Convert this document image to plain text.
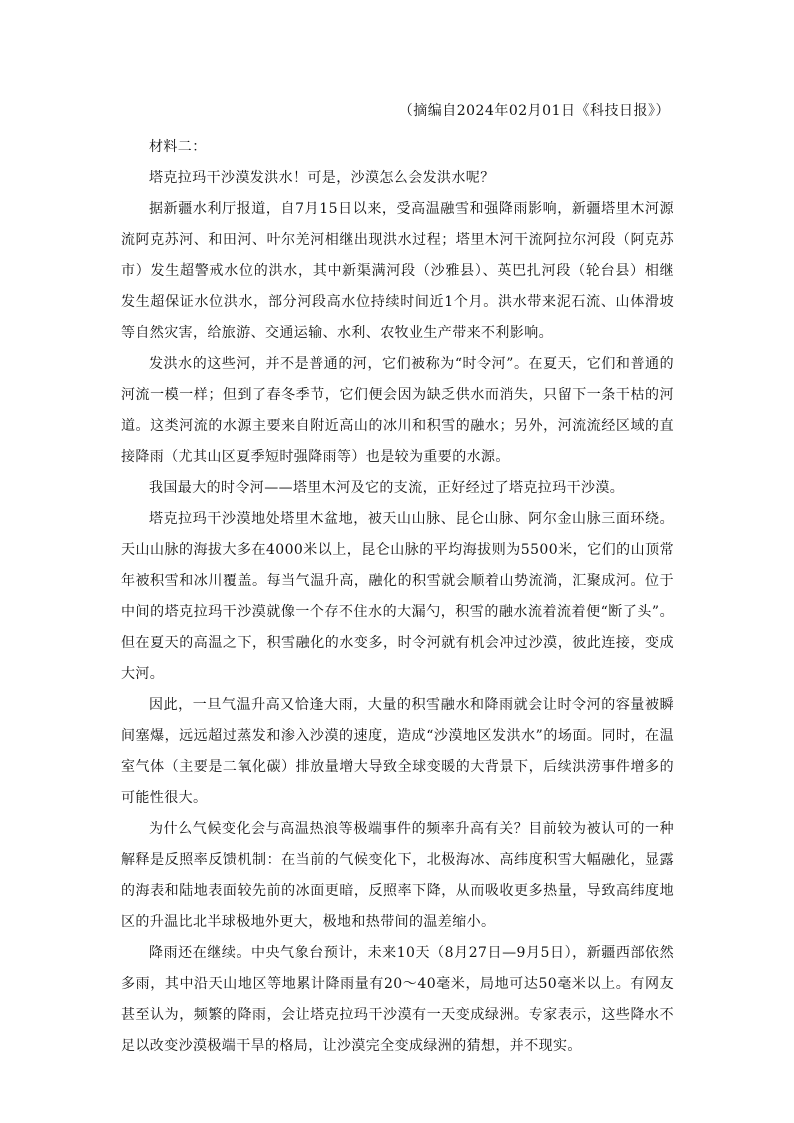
（摘编自2024年02月01日《科技日报》）

材料二：

塔克拉玛干沙漠发洪水！可是，沙漠怎么会发洪水呢？

据新疆水利厅报道，自7月15日以来，受高温融雪和强降雨影响，新疆塔里木河源流阿克苏河、和田河、叶尔羌河相继出现洪水过程；塔里木河干流阿拉尔河段（阿克苏市）发生超警戒水位的洪水，其中新渠满河段（沙雅县）、英巴扎河段（轮台县）相继发生超保证水位洪水，部分河段高水位持续时间近1个月。洪水带来泥石流、山体滑坡等自然灾害，给旅游、交通运输、水利、农牧业生产带来不利影响。

发洪水的这些河，并不是普通的河，它们被称为“时令河”。在夏天，它们和普通的河流一模一样；但到了春冬季节，它们便会因为缺乏供水而消失，只留下一条干枯的河道。这类河流的水源主要来自附近高山的冰川和积雪的融水；另外，河流流经区域的直接降雨（尤其山区夏季短时强降雨等）也是较为重要的水源。

我国最大的时令河——塔里木河及它的支流，正好经过了塔克拉玛干沙漠。

塔克拉玛干沙漠地处塔里木盆地，被天山山脉、昆仑山脉、阿尔金山脉三面环绕。天山山脉的海拔大多在4000米以上，昆仑山脉的平均海拔则为5500米，它们的山顶常年被积雪和冰川覆盖。每当气温升高，融化的积雪就会顺着山势流淌，汇聚成河。位于中间的塔克拉玛干沙漠就像一个存不住水的大漏勺，积雪的融水流着流着便“断了头”。但在夏天的高温之下，积雪融化的水变多，时令河就有机会冲过沙漠，彼此连接，变成大河。

因此，一旦气温升高又恰逢大雨，大量的积雪融水和降雨就会让时令河的容量被瞬间塞爆，远远超过蒸发和渗入沙漠的速度，造成“沙漠地区发洪水”的场面。同时，在温室气体（主要是二氧化碳）排放量增大导致全球变暖的大背景下，后续洪涝事件增多的可能性很大。

为什么气候变化会与高温热浪等极端事件的频率升高有关？目前较为被认可的一种解释是反照率反馈机制：在当前的气候变化下，北极海冰、高纬度积雪大幅融化，显露的海表和陆地表面较先前的冰面更暗，反照率下降，从而吸收更多热量，导致高纬度地区的升温比北半球极地外更大，极地和热带间的温差缩小。

降雨还在继续。中央气象台预计，未来10天（8月27日—9月5日），新疆西部依然多雨，其中沿天山地区等地累计降雨量有20～40毫米，局地可达50毫米以上。有网友甚至认为，频繁的降雨，会让塔克拉玛干沙漠有一天变成绿洲。专家表示，这些降水不足以改变沙漠极端干旱的格局，让沙漠完全变成绿洲的猜想，并不现实。
